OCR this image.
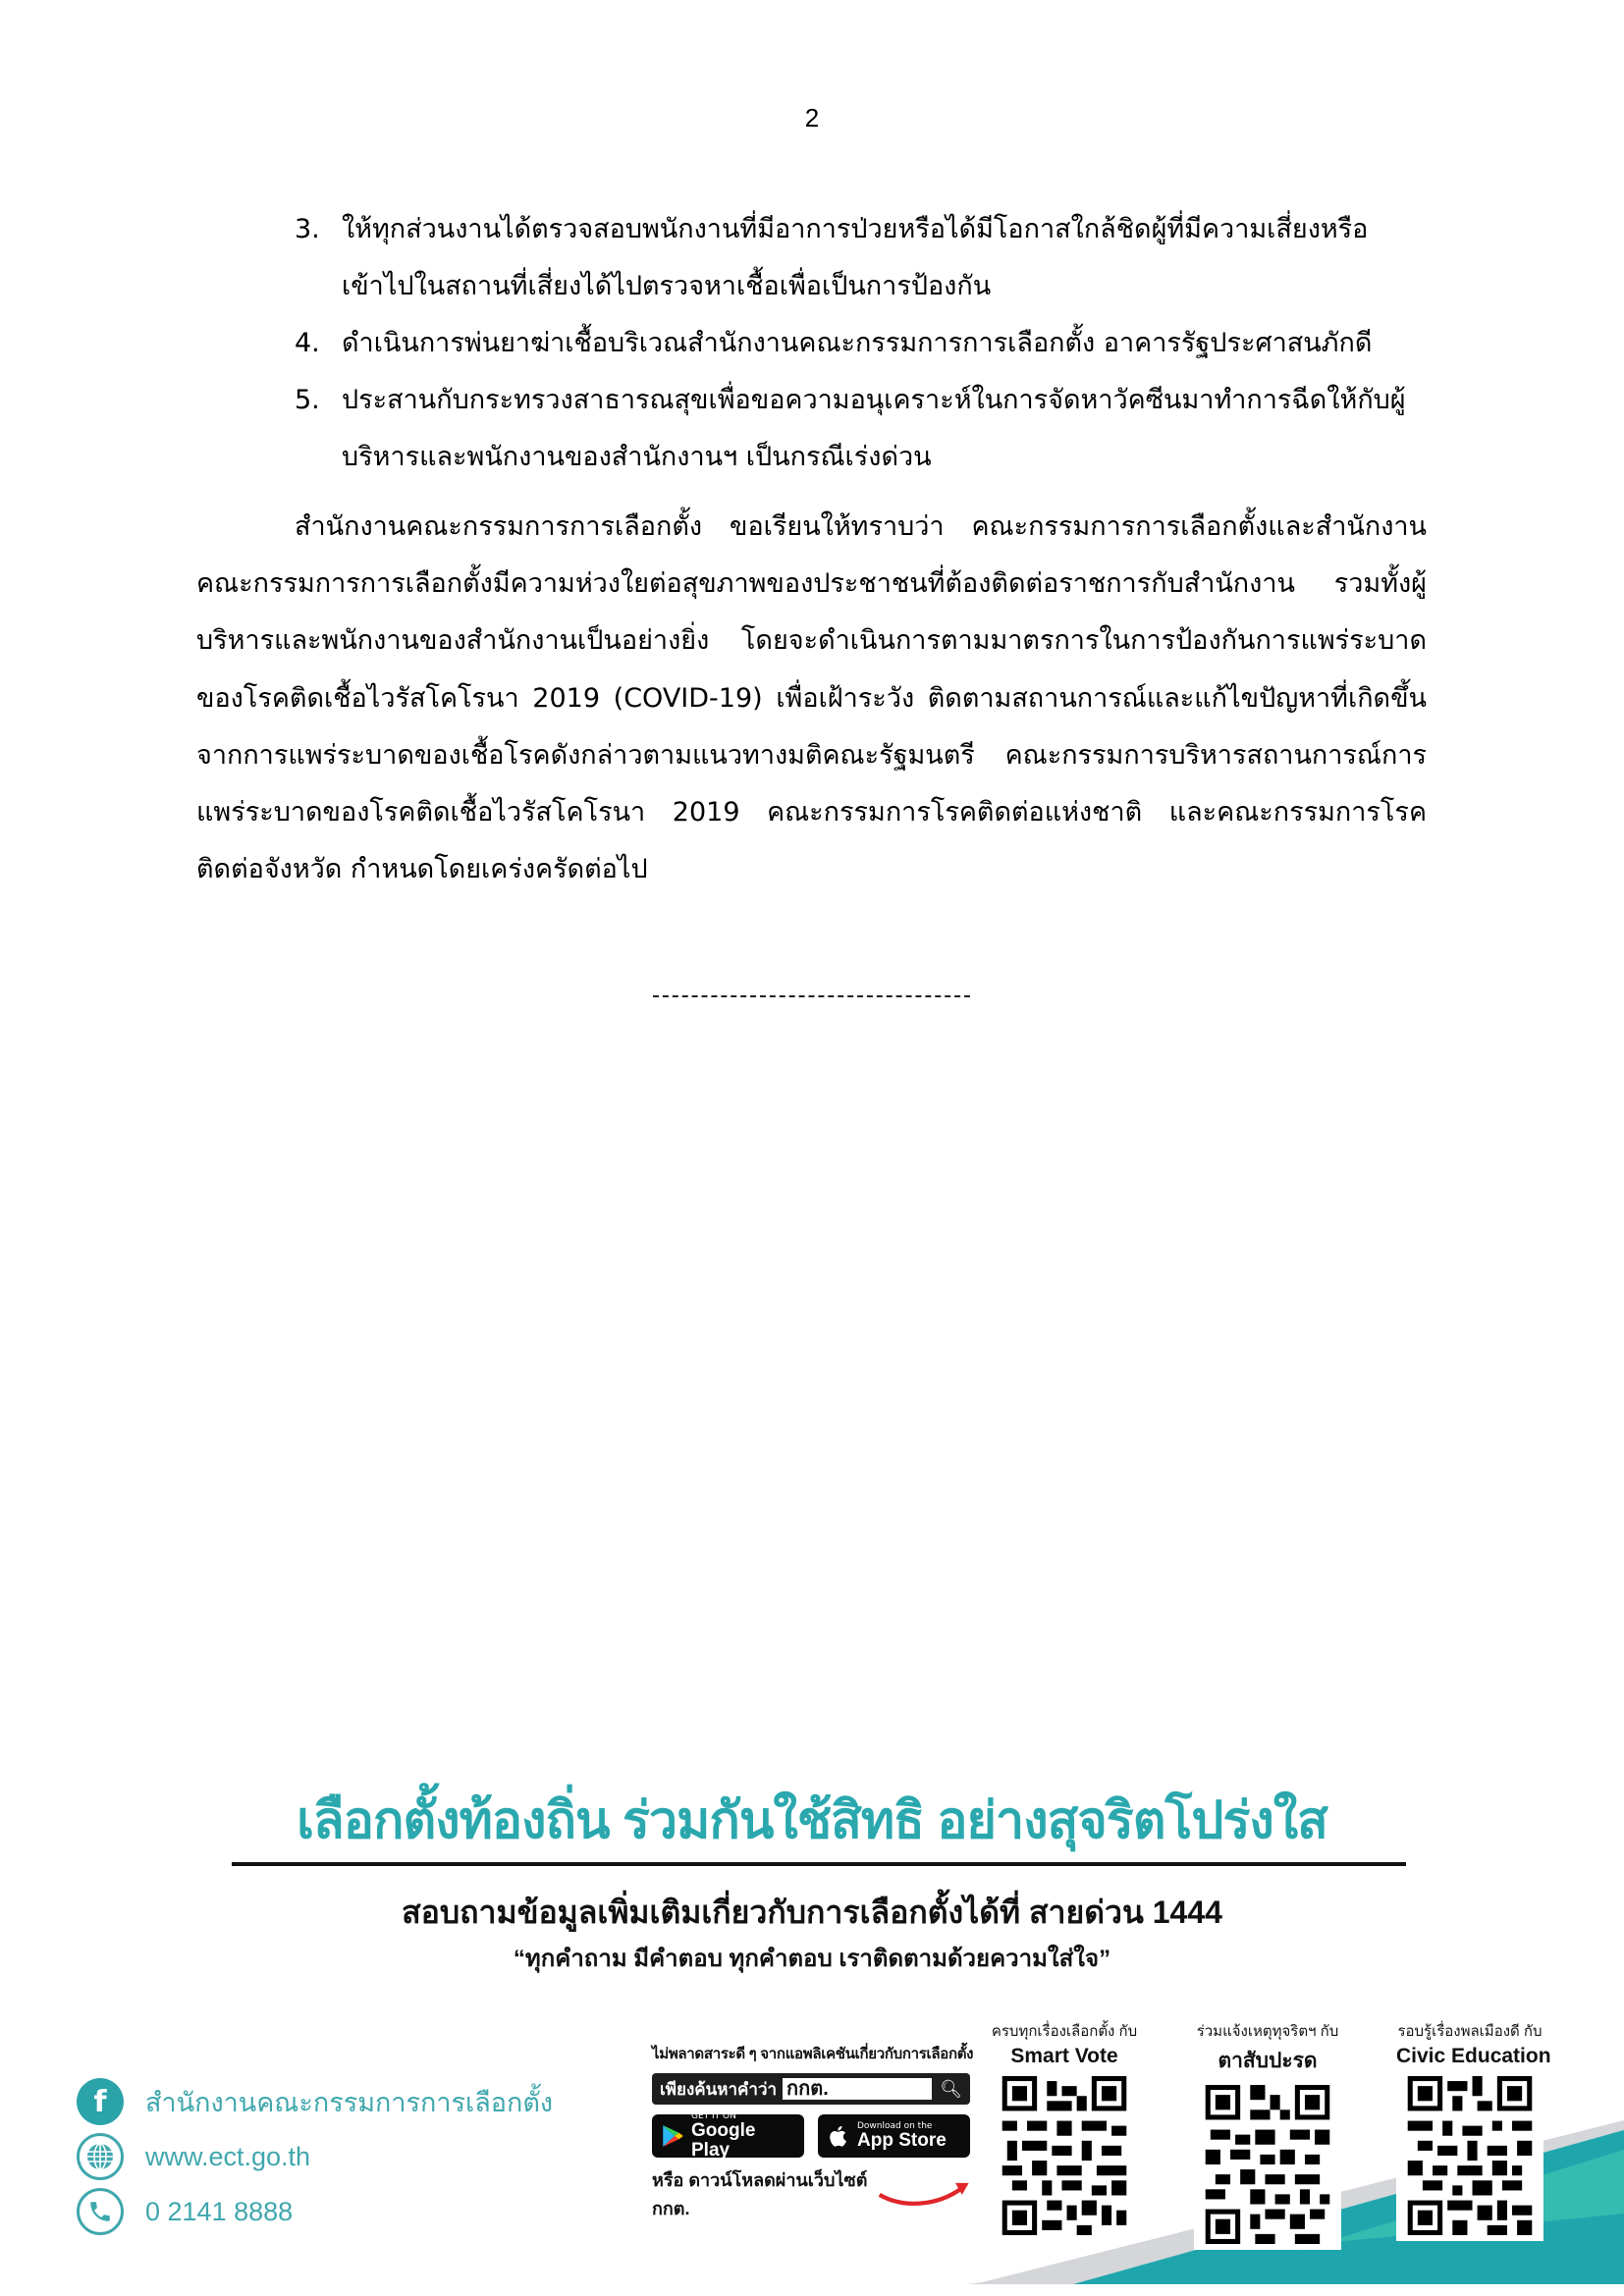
2
3. ให้ทุกส่วนงานได้ตรวจสอบพนักงานที่มีอาการป่วยหรือได้มีโอกาสใกล้ชิดผู้ที่มีความเสี่ยงหรือเข้าไปในสถานที่เสี่ยงได้ไปตรวจหาเชื้อเพื่อเป็นการป้องกัน
4. ดำเนินการพ่นยาฆ่าเชื้อบริเวณสำนักงานคณะกรรมการการเลือกตั้ง อาคารรัฐประศาสนภักดี
5. ประสานกับกระทรวงสาธารณสุขเพื่อขอความอนุเคราะห์ในการจัดหาวัคซีนมาทำการฉีดให้กับผู้บริหารและพนักงานของสำนักงานฯ เป็นกรณีเร่งด่วน
สำนักงานคณะกรรมการการเลือกตั้ง ขอเรียนให้ทราบว่า คณะกรรมการการเลือกตั้งและสำนักงานคณะกรรมการการเลือกตั้งมีความห่วงใยต่อสุขภาพของประชาชนที่ต้องติดต่อราชการกับสำนักงาน รวมทั้งผู้บริหารและพนักงานของสำนักงานเป็นอย่างยิ่ง โดยจะดำเนินการตามมาตรการในการป้องกันการแพร่ระบาดของโรคติดเชื้อไวรัสโคโรนา 2019 (COVID-19) เพื่อเฝ้าระวัง ติดตามสถานการณ์และแก้ไขปัญหาที่เกิดขึ้นจากการแพร่ระบาดของเชื้อโรคดังกล่าวตามแนวทางมติคณะรัฐมนตรี คณะกรรมการบริหารสถานการณ์การแพร่ระบาดของโรคติดเชื้อไวรัสโคโรนา 2019 คณะกรรมการโรคติดต่อแห่งชาติ และคณะกรรมการโรคติดต่อจังหวัด กำหนดโดยเคร่งครัดต่อไป
เลือกตั้งท้องถิ่น ร่วมกันใช้สิทธิ อย่างสุจริตโปร่งใส
สอบถามข้อมูลเพิ่มเติมเกี่ยวกับการเลือกตั้งได้ที่ สายด่วน 1444
“ทุกคำถาม มีคำตอบ ทุกคำตอบ เราติดตามด้วยความใส่ใจ”
f	สำนักงานคณะกรรมการการเลือกตั้ง
www.ect.go.th
0 2141 8888
ไม่พลาดสาระดี ๆ จากแอพลิเคชันเกี่ยวกับการเลือกตั้ง
เพียงค้นหาคำว่า กกต.	🔍︎
GET IT ON
Google Play
Download on the
App Store
หรือ ดาวน์โหลดผ่านเว็บไซต์ กกต.
ครบทุกเรื่องเลือกตั้ง กับ
Smart Vote
ร่วมแจ้งเหตุทุจริตฯ กับ
ตาสับปะรด
รอบรู้เรื่องพลเมืองดี กับ
Civic Education
